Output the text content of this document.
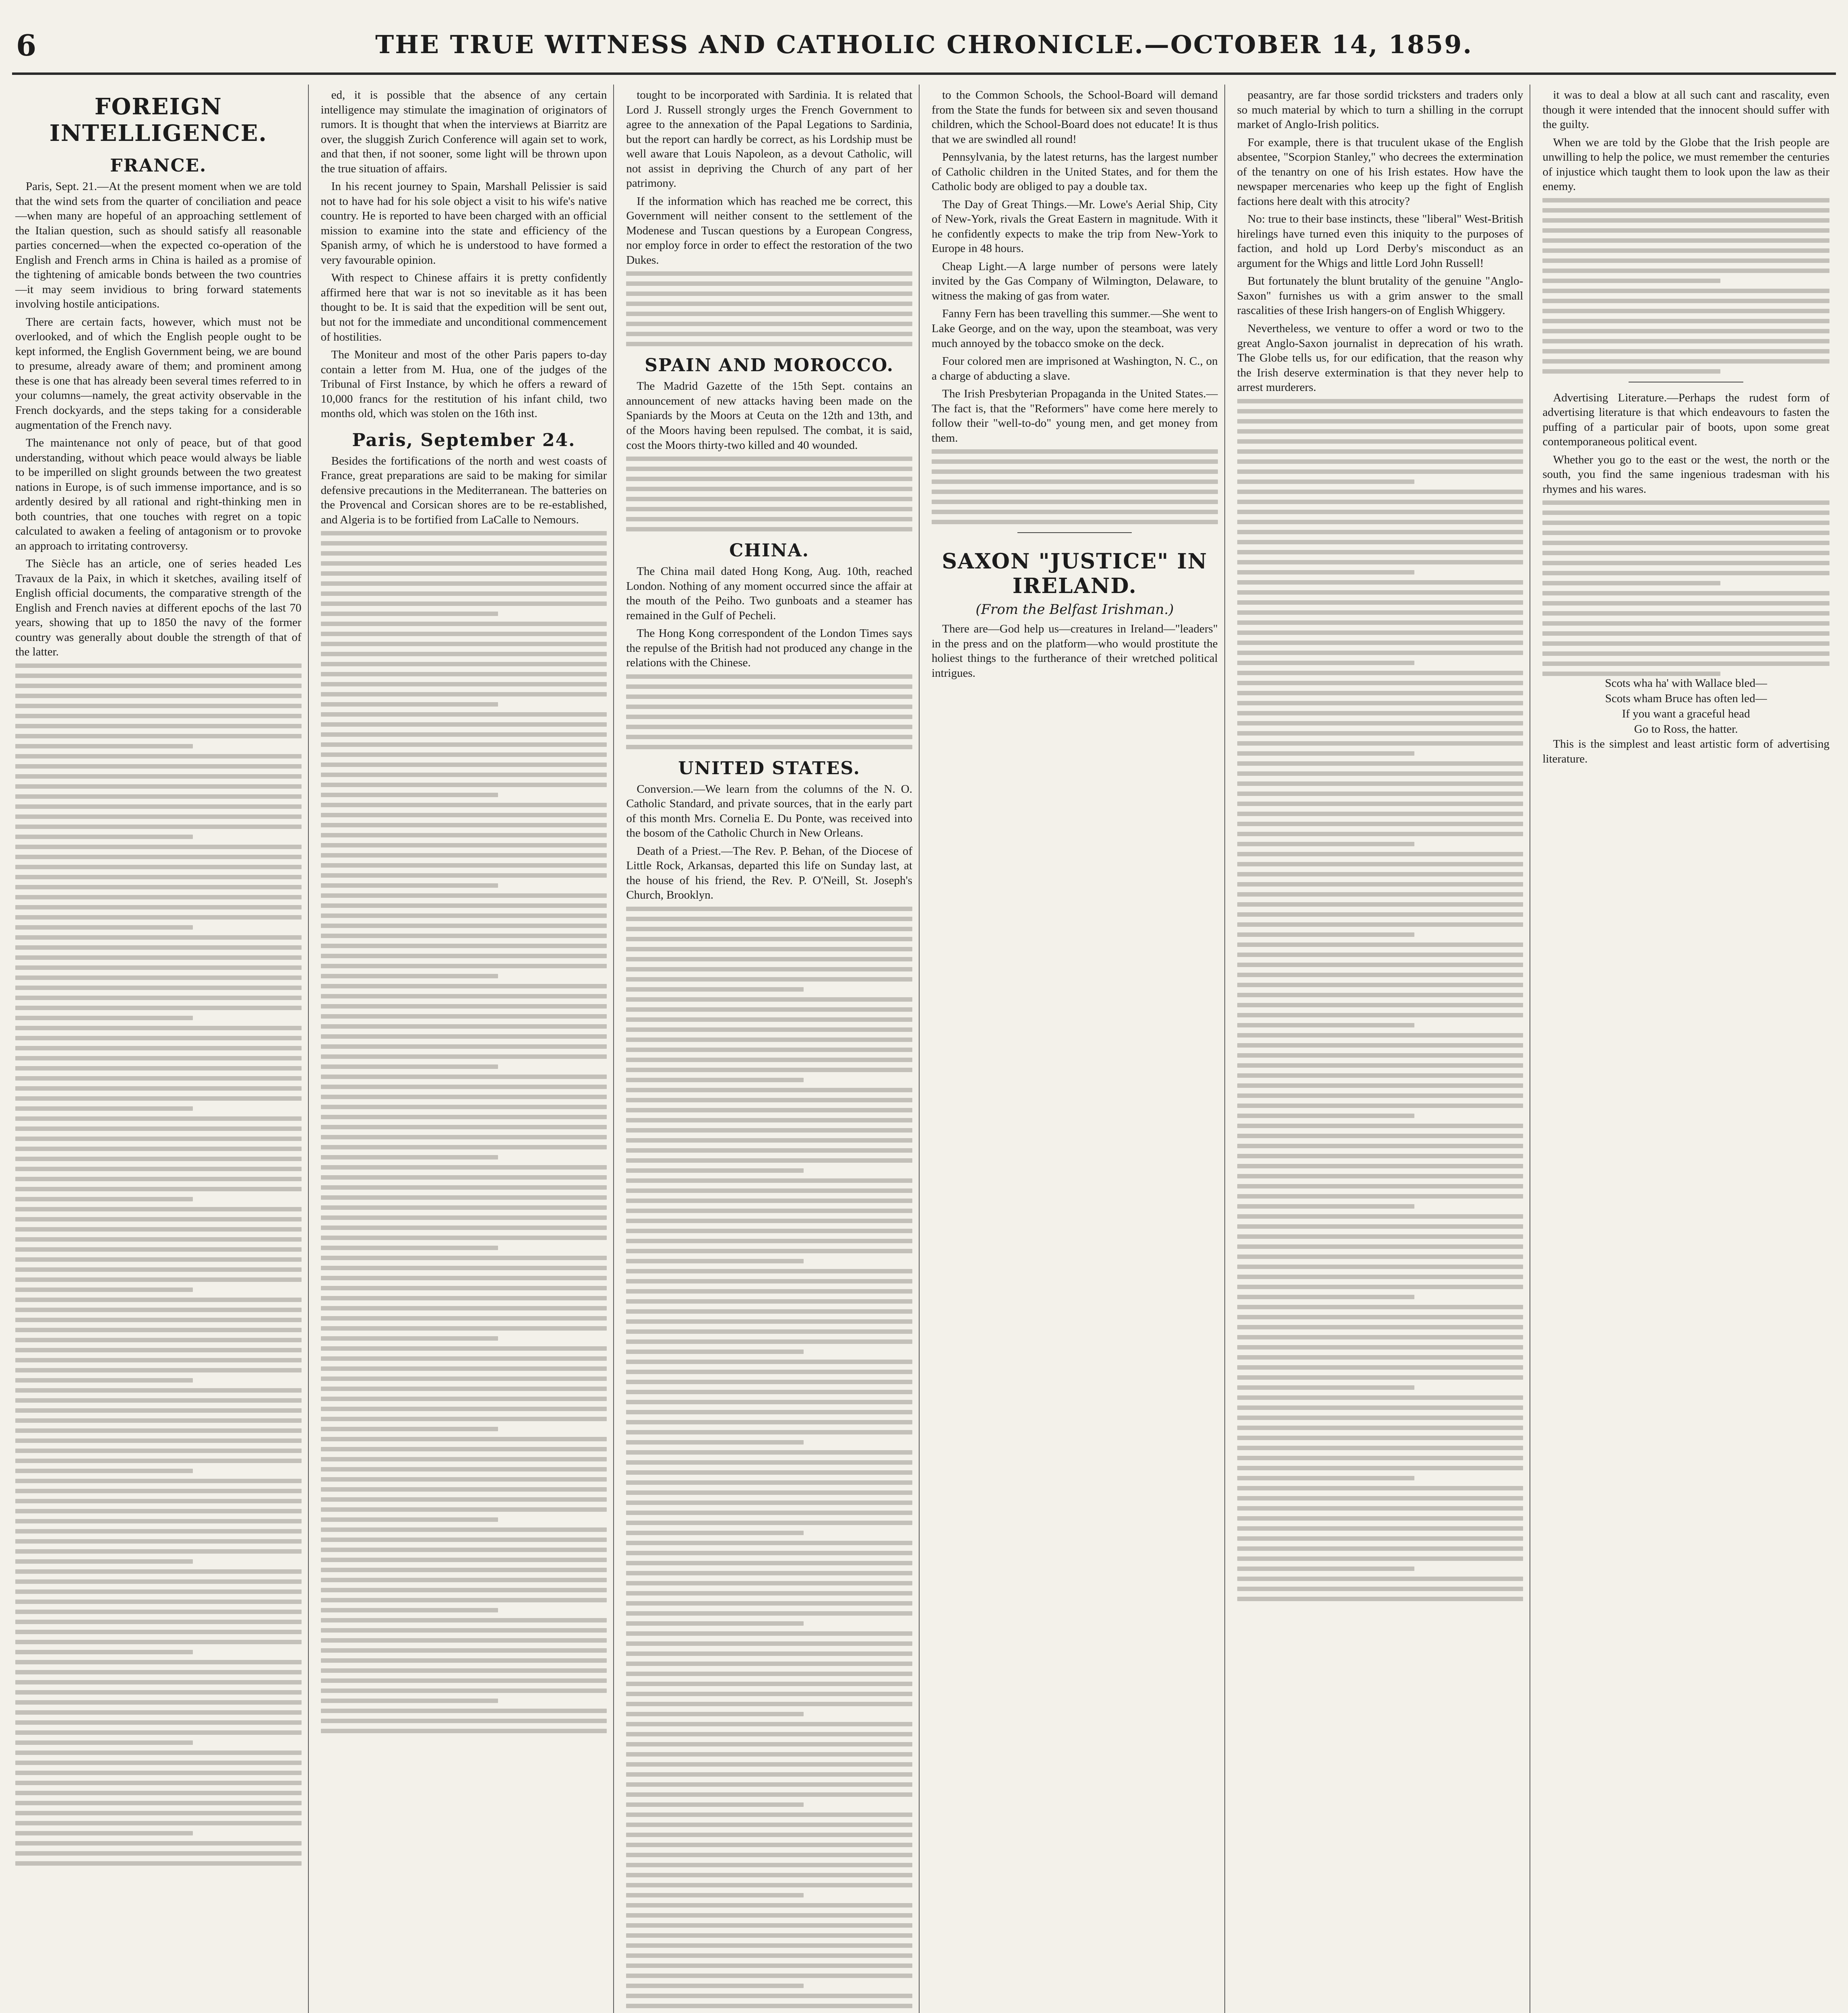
6	THE TRUE WITNESS AND CATHOLIC CHRONICLE.—OCTOBER 14, 1859.
FOREIGN INTELLIGENCE.
FRANCE.

Paris, Sept. 21.—At the present moment when we are told that the wind sets from the quarter of conciliation and peace—when many are hopeful of an approaching settlement of the Italian question, such as should satisfy all reasonable parties concerned—when the expected co-operation of the English and French arms in China is hailed as a promise of the tightening of amicable bonds between the two countries—it may seem invidious to bring forward statements involving hostile anticipations.

There are certain facts, however, which must not be overlooked, and of which the English people ought to be kept informed, the English Government being, we are bound to presume, already aware of them; and prominent among these is one that has already been several times referred to in your columns—namely, the great activity observable in the French dockyards, and the steps taking for a considerable augmentation of the French navy.

The maintenance not only of peace, but of that good understanding, without which peace would always be liable to be imperilled on slight grounds between the two greatest nations in Europe, is of such immense importance, and is so ardently desired by all rational and right-thinking men in both countries, that one touches with regret on a topic calculated to awaken a feeling of antagonism or to provoke an approach to irritating controversy.

The Siècle has an article, one of series headed Les Travaux de la Paix, in which it sketches, availing itself of English official documents, the comparative strength of the English and French navies at different epochs of the last 70 years, showing that up to 1850 the navy of the former country was generally about double the strength of that of the latter.

ed, it is possible that the absence of any certain intelligence may stimulate the imagination of originators of rumors. It is thought that when the interviews at Biarritz are over, the sluggish Zurich Conference will again set to work, and that then, if not sooner, some light will be thrown upon the true situation of affairs.

In his recent journey to Spain, Marshall Pelissier is said not to have had for his sole object a visit to his wife's native country. He is reported to have been charged with an official mission to examine into the state and efficiency of the Spanish army, of which he is understood to have formed a very favourable opinion.

With respect to Chinese affairs it is pretty confidently affirmed here that war is not so inevitable as it has been thought to be. It is said that the expedition will be sent out, but not for the immediate and unconditional commencement of hostilities.

The Moniteur and most of the other Paris papers to-day contain a letter from M. Hua, one of the judges of the Tribunal of First Instance, by which he offers a reward of 10,000 francs for the restitution of his infant child, two months old, which was stolen on the 16th inst.

Paris, September 24.

Besides the fortifications of the north and west coasts of France, great preparations are said to be making for similar defensive precautions in the Mediterranean. The batteries on the Provencal and Corsican shores are to be re-established, and Algeria is to be fortified from LaCalle to Nemours.

tought to be incorporated with Sardinia. It is related that Lord J. Russell strongly urges the French Government to agree to the annexation of the Papal Legations to Sardinia, but the report can hardly be correct, as his Lordship must be well aware that Louis Napoleon, as a devout Catholic, will not assist in depriving the Church of any part of her patrimony.

If the information which has reached me be correct, this Government will neither consent to the settlement of the Modenese and Tuscan questions by a European Congress, nor employ force in order to effect the restoration of the two Dukes.

SPAIN AND MOROCCO.

The Madrid Gazette of the 15th Sept. contains an announcement of new attacks having been made on the Spaniards by the Moors at Ceuta on the 12th and 13th, and of the Moors having been repulsed. The combat, it is said, cost the Moors thirty-two killed and 40 wounded.

CHINA.

The China mail dated Hong Kong, Aug. 10th, reached London. Nothing of any moment occurred since the affair at the mouth of the Peiho. Two gunboats and a steamer has remained in the Gulf of Pecheli.

The Hong Kong correspondent of the London Times says the repulse of the British had not produced any change in the relations with the Chinese.

UNITED STATES.

Conversion.—We learn from the columns of the N. O. Catholic Standard, and private sources, that in the early part of this month Mrs. Cornelia E. Du Ponte, was received into the bosom of the Catholic Church in New Orleans.

Death of a Priest.—The Rev. P. Behan, of the Diocese of Little Rock, Arkansas, departed this life on Sunday last, at the house of his friend, the Rev. P. O'Neill, St. Joseph's Church, Brooklyn.

to the Common Schools, the School-Board will demand from the State the funds for between six and seven thousand children, which the School-Board does not educate! It is thus that we are swindled all round!

Pennsylvania, by the latest returns, has the largest number of Catholic children in the United States, and for them the Catholic body are obliged to pay a double tax.

The Day of Great Things.—Mr. Lowe's Aerial Ship, City of New-York, rivals the Great Eastern in magnitude. With it he confidently expects to make the trip from New-York to Europe in 48 hours.

Cheap Light.—A large number of persons were lately invited by the Gas Company of Wilmington, Delaware, to witness the making of gas from water.

Fanny Fern has been travelling this summer.—She went to Lake George, and on the way, upon the steamboat, was very much annoyed by the tobacco smoke on the deck.

Four colored men are imprisoned at Washington, N. C., on a charge of abducting a slave.

The Irish Presbyterian Propaganda in the United States.—The fact is, that the "Reformers" have come here merely to follow their "well-to-do" young men, and get money from them.

SAXON "JUSTICE" IN IRELAND.
(From the Belfast Irishman.)

There are—God help us—creatures in Ireland—"leaders" in the press and on the platform—who would prostitute the holiest things to the furtherance of their wretched political intrigues.

peasantry, are far those sordid tricksters and traders only so much material by which to turn a shilling in the corrupt market of Anglo-Irish politics.

For example, there is that truculent ukase of the English absentee, "Scorpion Stanley," who decrees the extermination of the tenantry on one of his Irish estates. How have the newspaper mercenaries who keep up the fight of English factions here dealt with this atrocity?

No: true to their base instincts, these "liberal" West-British hirelings have turned even this iniquity to the purposes of faction, and hold up Lord Derby's misconduct as an argument for the Whigs and little Lord John Russell!

But fortunately the blunt brutality of the genuine "Anglo-Saxon" furnishes us with a grim answer to the small rascalities of these Irish hangers-on of English Whiggery.

Nevertheless, we venture to offer a word or two to the great Anglo-Saxon journalist in deprecation of his wrath. The Globe tells us, for our edification, that the reason why the Irish deserve extermination is that they never help to arrest murderers.

it was to deal a blow at all such cant and rascality, even though it were intended that the innocent should suffer with the guilty.

When we are told by the Globe that the Irish people are unwilling to help the police, we must remember the centuries of injustice which taught them to look upon the law as their enemy.

Advertising Literature.—Perhaps the rudest form of advertising literature is that which endeavours to fasten the puffing of a particular pair of boots, upon some great contemporaneous political event.

Whether you go to the east or the west, the north or the south, you find the same ingenious tradesman with his rhymes and his wares.

Scots wha ha' with Wallace bled—
Scots wham Bruce has often led—
If you want a graceful head
Go to Ross, the hatter.

This is the simplest and least artistic form of advertising literature.
